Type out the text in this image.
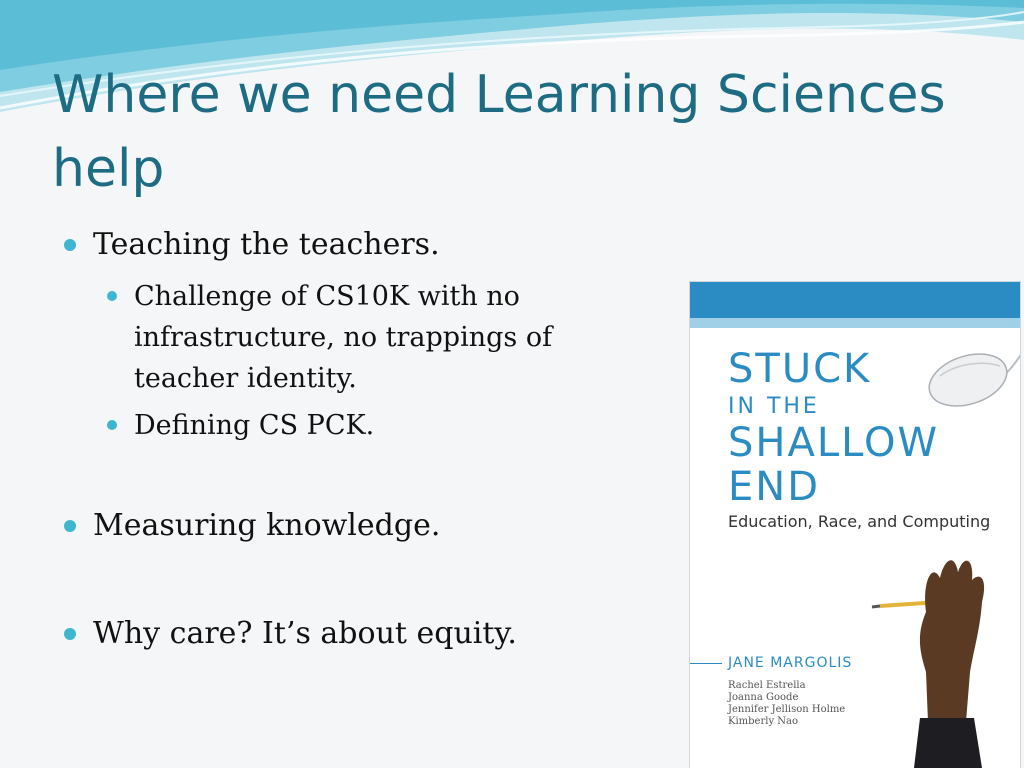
Where we need Learning Sciences help
Teaching the teachers.
Challenge of CS10K with no infrastructure, no trappings of teacher identity.
Defining CS PCK.
Measuring knowledge.
Why care? It’s about equity.
STUCK
IN THE
SHALLOW
END
Education, Race, and Computing
JANE MARGOLIS
Rachel Estrella
Joanna Goode
Jennifer Jellison Holme
Kimberly Nao
